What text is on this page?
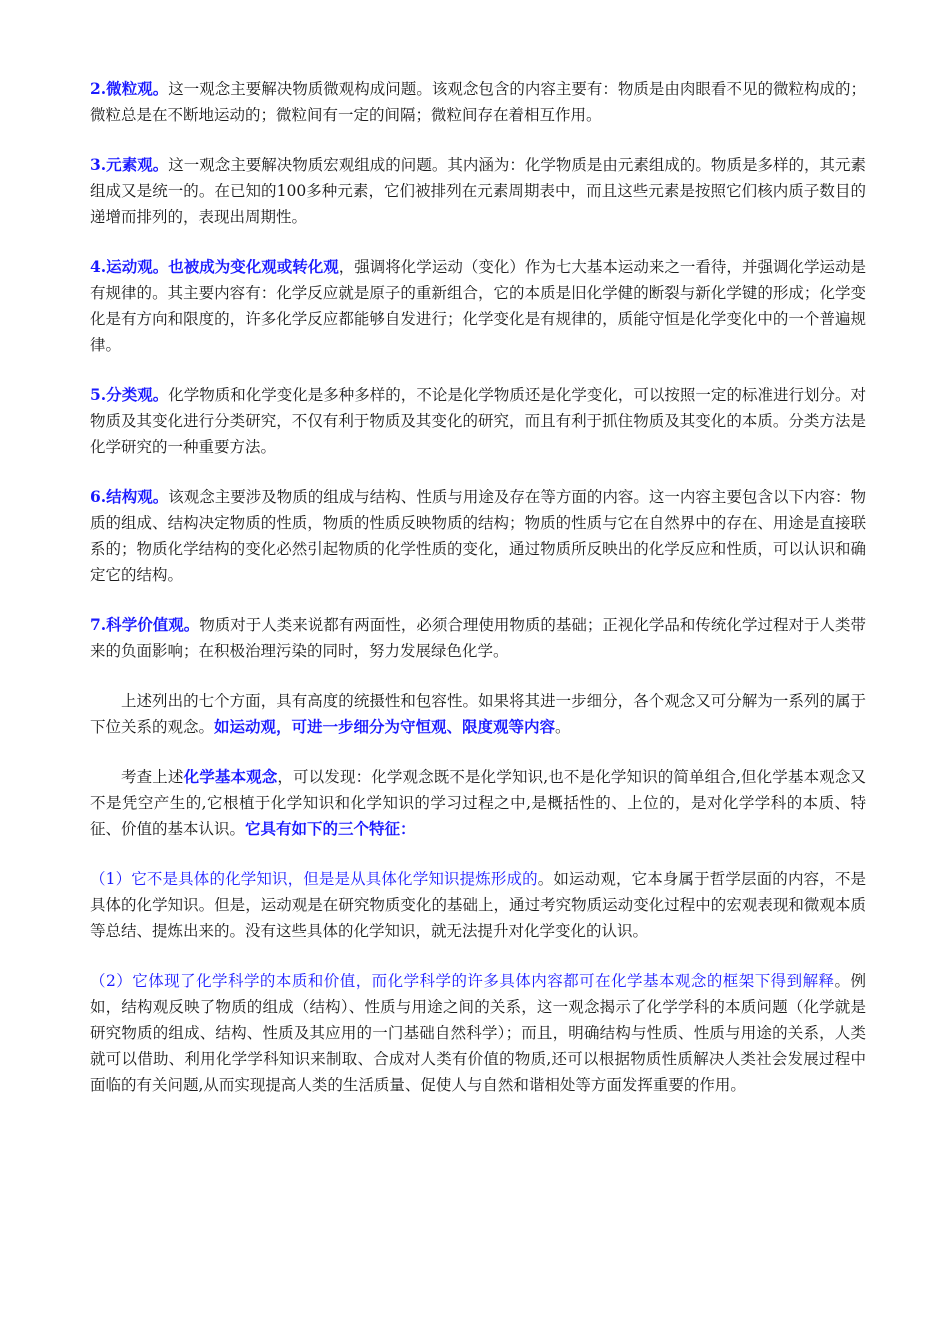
2.微粒观。这一观念主要解决物质微观构成问题。该观念包含的内容主要有：物质是由肉眼看不见的微粒构成的；微粒总是在不断地运动的；微粒间有一定的间隔；微粒间存在着相互作用。

3.元素观。这一观念主要解决物质宏观组成的问题。其内涵为：化学物质是由元素组成的。物质是多样的，其元素组成又是统一的。在已知的100多种元素，它们被排列在元素周期表中，而且这些元素是按照它们核内质子数目的递增而排列的，表现出周期性。

4.运动观。也被成为变化观或转化观，强调将化学运动（变化）作为七大基本运动来之一看待，并强调化学运动是有规律的。其主要内容有：化学反应就是原子的重新组合，它的本质是旧化学健的断裂与新化学键的形成；化学变化是有方向和限度的，许多化学反应都能够自发进行；化学变化是有规律的，质能守恒是化学变化中的一个普遍规律。

5.分类观。化学物质和化学变化是多种多样的，不论是化学物质还是化学变化，可以按照一定的标准进行划分。对物质及其变化进行分类研究，不仅有利于物质及其变化的研究，而且有利于抓住物质及其变化的本质。分类方法是化学研究的一种重要方法。

6.结构观。该观念主要涉及物质的组成与结构、性质与用途及存在等方面的内容。这一内容主要包含以下内容：物质的组成、结构决定物质的性质，物质的性质反映物质的结构；物质的性质与它在自然界中的存在、用途是直接联系的；物质化学结构的变化必然引起物质的化学性质的变化，通过物质所反映出的化学反应和性质，可以认识和确定它的结构。

7.科学价值观。物质对于人类来说都有两面性，必须合理使用物质的基础；正视化学品和传统化学过程对于人类带来的负面影响；在积极治理污染的同时，努力发展绿色化学。

上述列出的七个方面，具有高度的统摄性和包容性。如果将其进一步细分，各个观念又可分解为一系列的属于下位关系的观念。如运动观，可进一步细分为守恒观、限度观等内容。

考查上述化学基本观念，可以发现：化学观念既不是化学知识,也不是化学知识的简单组合,但化学基本观念又不是凭空产生的,它根植于化学知识和化学知识的学习过程之中,是概括性的、上位的，是对化学学科的本质、特征、价值的基本认识。它具有如下的三个特征：

（1）它不是具体的化学知识，但是是从具体化学知识提炼形成的。如运动观，它本身属于哲学层面的内容，不是具体的化学知识。但是，运动观是在研究物质变化的基础上，通过考究物质运动变化过程中的宏观表现和微观本质等总结、提炼出来的。没有这些具体的化学知识，就无法提升对化学变化的认识。

（2）它体现了化学科学的本质和价值，而化学科学的许多具体内容都可在化学基本观念的框架下得到解释。例如，结构观反映了物质的组成（结构）、性质与用途之间的关系，这一观念揭示了化学学科的本质问题（化学就是研究物质的组成、结构、性质及其应用的一门基础自然科学）；而且，明确结构与性质、性质与用途的关系，人类就可以借助、利用化学学科知识来制取、合成对人类有价值的物质,还可以根据物质性质解决人类社会发展过程中面临的有关问题,从而实现提高人类的生活质量、促使人与自然和谐相处等方面发挥重要的作用。
